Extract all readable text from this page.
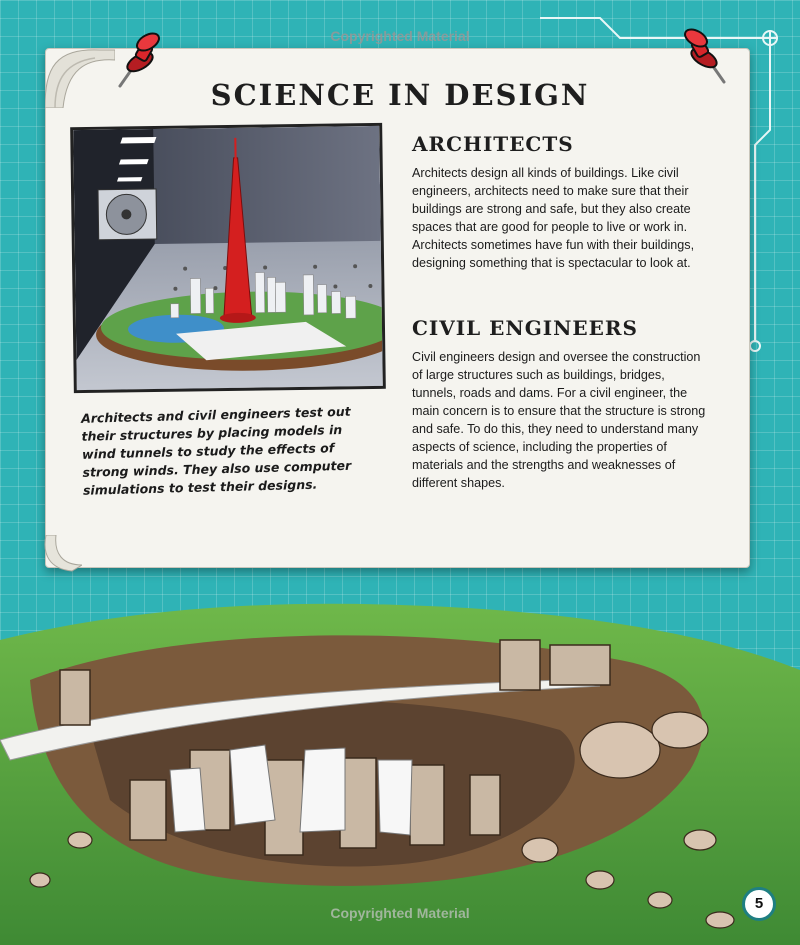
Copyrighted Material
SCIENCE IN DESIGN

Architects and civil engineers test out their structures by placing models in wind tunnels to study the effects of strong winds. They also use computer simulations to test their designs.

ARCHITECTS

Architects design all kinds of buildings. Like civil engineers, architects need to make sure that their buildings are strong and safe, but they also create spaces that are good for people to live or work in. Architects sometimes have fun with their buildings, designing something that is spectacular to look at.

CIVIL ENGINEERS

Civil engineers design and oversee the construction of large structures such as buildings, bridges, tunnels, roads and dams. For a civil engineer, the main concern is to ensure that the structure is strong and safe. To do this, they need to understand many aspects of science, including the properties of materials and the strengths and weaknesses of different shapes.

Copyrighted Material
5
